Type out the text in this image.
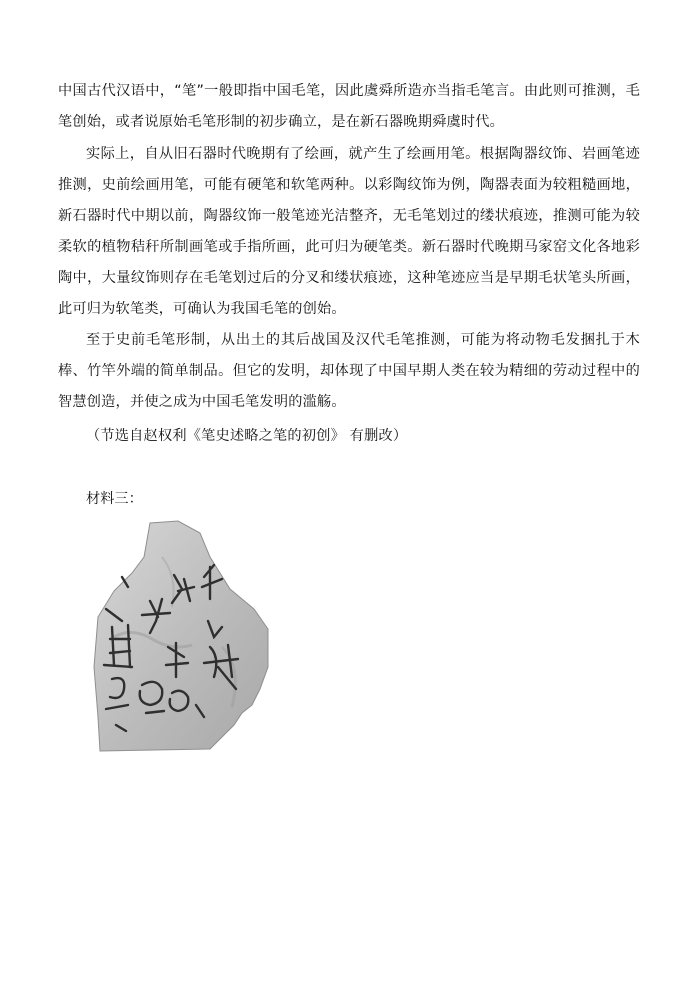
中国古代汉语中，“笔”一般即指中国毛笔，因此虞舜所造亦当指毛笔言。由此则可推测，毛笔创始，或者说原始毛笔形制的初步确立，是在新石器晚期舜虞时代。

实际上，自从旧石器时代晚期有了绘画，就产生了绘画用笔。根据陶器纹饰、岩画笔迹推测，史前绘画用笔，可能有硬笔和软笔两种。以彩陶纹饰为例，陶器表面为较粗糙画地，新石器时代中期以前，陶器纹饰一般笔迹光洁整齐，无毛笔划过的缕状痕迹，推测可能为较柔软的植物秸秆所制画笔或手指所画，此可归为硬笔类。新石器时代晚期马家窑文化各地彩陶中，大量纹饰则存在毛笔划过后的分叉和缕状痕迹，这种笔迹应当是早期毛状笔头所画，此可归为软笔类，可确认为我国毛笔的创始。

至于史前毛笔形制，从出土的其后战国及汉代毛笔推测，可能为将动物毛发捆扎于木棒、竹竿外端的简单制品。但它的发明，却体现了中国早期人类在较为精细的劳动过程中的智慧创造，并使之成为中国毛笔发明的滥觞。

（节选自赵权利《笔史述略之笔的初创》 有删改）

材料三：
